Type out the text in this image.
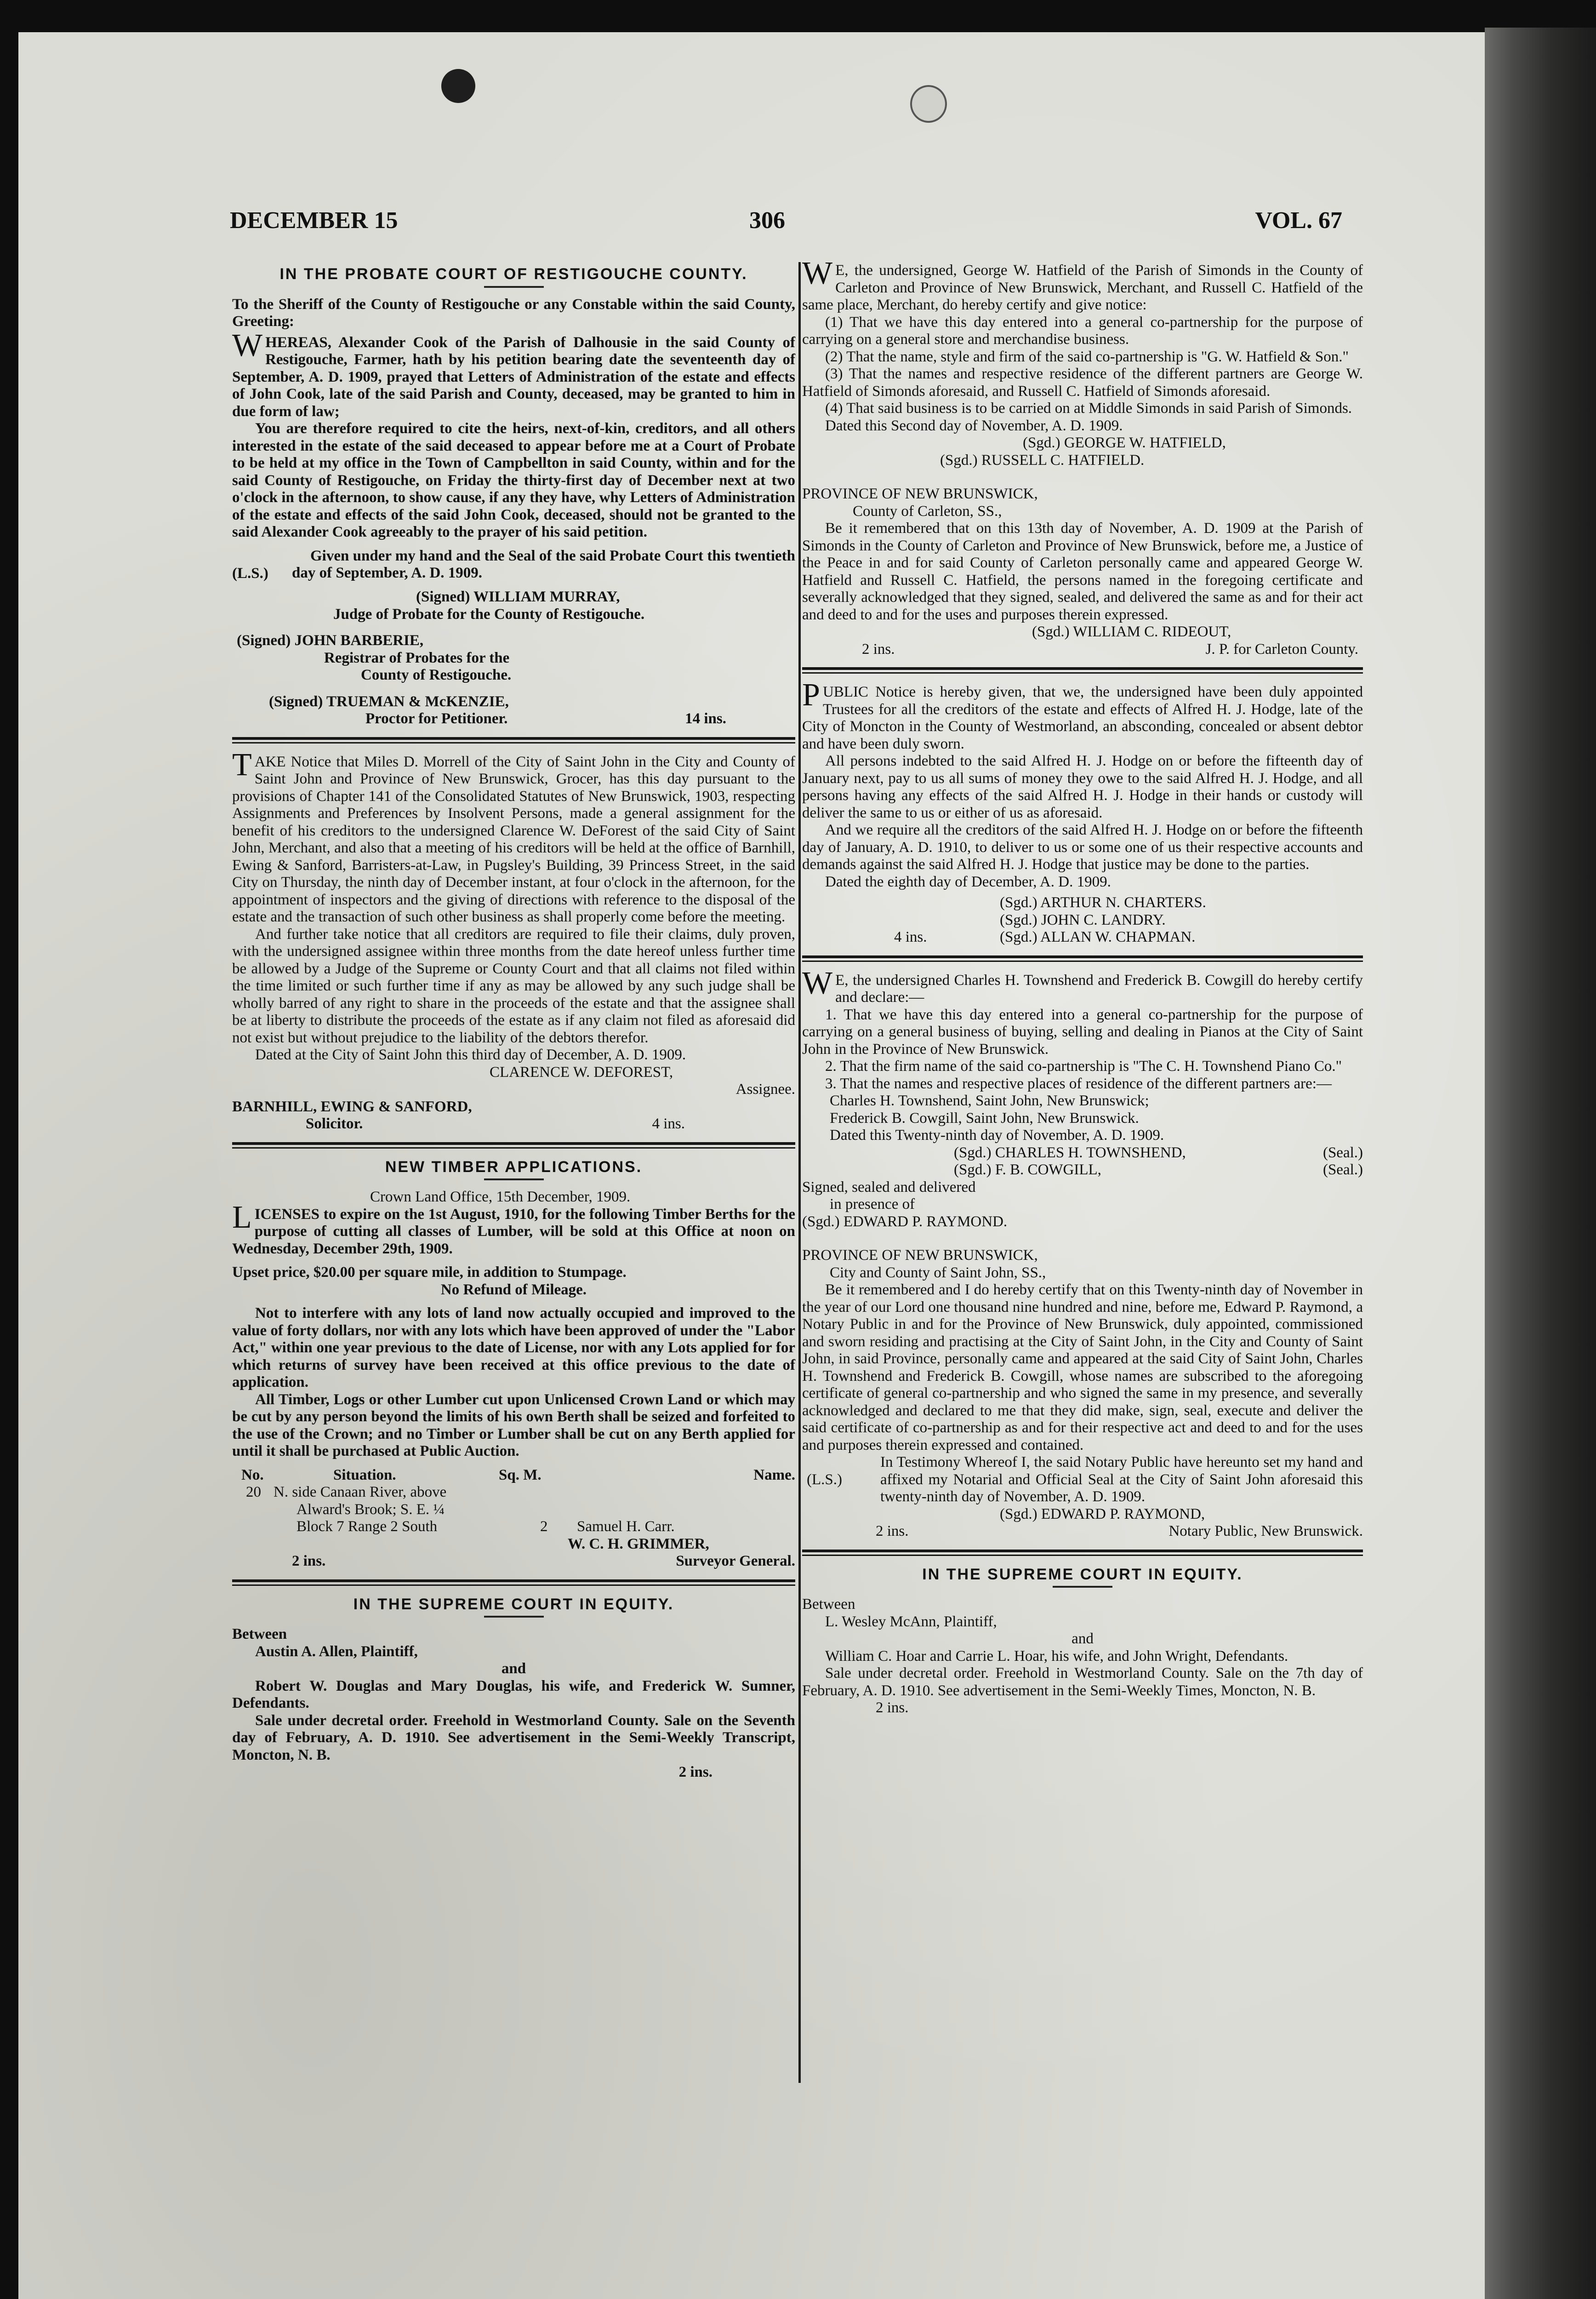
DECEMBER 15	306	VOL. 67
IN THE PROBATE COURT OF RESTIGOUCHE COUNTY.

To the Sheriff of the County of Restigouche or any Constable within the said County, Greeting:

WHEREAS, Alexander Cook of the Parish of Dalhousie in the said County of Restigouche, Farmer, hath by his petition bearing date the seventeenth day of September, A. D. 1909, prayed that Letters of Administration of the estate and effects of John Cook, late of the said Parish and County, deceased, may be granted to him in due form of law;

You are therefore required to cite the heirs, next-of-kin, creditors, and all others interested in the estate of the said deceased to appear before me at a Court of Probate to be held at my office in the Town of Campbellton in said County, within and for the said County of Restigouche, on Friday the thirty-first day of December next at two o'clock in the afternoon, to show cause, if any they have, why Letters of Administration of the estate and effects of the said John Cook, deceased, should not be granted to the said Alexander Cook agreeably to the prayer of his said petition.

(L.S.)

Given under my hand and the Seal of the said Probate Court this twentieth day of September, A. D. 1909.

(Signed) WILLIAM MURRAY,

Judge of Probate for the County of Restigouche.

(Signed) JOHN BARBERIE,

Registrar of Probates for the

County of Restigouche.

(Signed) TRUEMAN & McKENZIE,

Proctor for Petitioner.	14 ins.

TAKE Notice that Miles D. Morrell of the City of Saint John in the City and County of Saint John and Province of New Brunswick, Grocer, has this day pursuant to the provisions of Chapter 141 of the Consolidated Statutes of New Brunswick, 1903, respecting Assignments and Preferences by Insolvent Persons, made a general assignment for the benefit of his creditors to the undersigned Clarence W. DeForest of the said City of Saint John, Merchant, and also that a meeting of his creditors will be held at the office of Barnhill, Ewing & Sanford, Barristers-at-Law, in Pugsley's Building, 39 Princess Street, in the said City on Thursday, the ninth day of December instant, at four o'clock in the afternoon, for the appointment of inspectors and the giving of directions with reference to the disposal of the estate and the transaction of such other business as shall properly come before the meeting.

And further take notice that all creditors are required to file their claims, duly proven, with the undersigned assignee within three months from the date hereof unless further time be allowed by a Judge of the Supreme or County Court and that all claims not filed within the time limited or such further time if any as may be allowed by any such judge shall be wholly barred of any right to share in the proceeds of the estate and that the assignee shall be at liberty to distribute the proceeds of the estate as if any claim not filed as aforesaid did not exist but without prejudice to the liability of the debtors therefor.

Dated at the City of Saint John this third day of December, A. D. 1909.

CLARENCE W. DEFOREST,

Assignee.

BARNHILL, EWING & SANFORD,

Solicitor.	4 ins.
NEW TIMBER APPLICATIONS.

Crown Land Office, 15th December, 1909.

LICENSES to expire on the 1st August, 1910, for the following Timber Berths for the purpose of cutting all classes of Lumber, will be sold at this Office at noon on Wednesday, December 29th, 1909.

Upset price, $20.00 per square mile, in addition to Stumpage.

No Refund of Mileage.

Not to interfere with any lots of land now actually occupied and improved to the value of forty dollars, nor with any lots which have been approved of under the "Labor Act," within one year previous to the date of License, nor with any Lots applied for for which returns of survey have been received at this office previous to the date of application.

All Timber, Logs or other Lumber cut upon Unlicensed Crown Land or which may be cut by any person beyond the limits of his own Berth shall be seized and forfeited to the use of the Crown; and no Timber or Lumber shall be cut on any Berth applied for until it shall be purchased at Public Auction.

No.	Situation.	Sq. M.	Name.
20 N. side Canaan River, above
Alward's Brook; S. E. ¼
Block 7 Range 2 South	2	Samuel H. Carr.

W. C. H. GRIMMER,

2 ins.	Surveyor General.
IN THE SUPREME COURT IN EQUITY.

Between

Austin A. Allen, Plaintiff,

and

Robert W. Douglas and Mary Douglas, his wife, and Frederick W. Sumner, Defendants.

Sale under decretal order. Freehold in Westmorland County. Sale on the Seventh day of February, A. D. 1910. See advertisement in the Semi-Weekly Transcript, Moncton, N. B.

2 ins.

WE, the undersigned, George W. Hatfield of the Parish of Simonds in the County of Carleton and Province of New Brunswick, Merchant, and Russell C. Hatfield of the same place, Merchant, do hereby certify and give notice:

(1) That we have this day entered into a general co-partnership for the purpose of carrying on a general store and merchandise business.

(2) That the name, style and firm of the said co-partnership is "G. W. Hatfield & Son."

(3) That the names and respective residence of the different partners are George W. Hatfield of Simonds aforesaid, and Russell C. Hatfield of Simonds aforesaid.

(4) That said business is to be carried on at Middle Simonds in said Parish of Simonds.

Dated this Second day of November, A. D. 1909.

(Sgd.) GEORGE W. HATFIELD,

(Sgd.) RUSSELL C. HATFIELD.

PROVINCE OF NEW BRUNSWICK,

County of Carleton, SS.,

Be it remembered that on this 13th day of November, A. D. 1909 at the Parish of Simonds in the County of Carleton and Province of New Brunswick, before me, a Justice of the Peace in and for said County of Carleton personally came and appeared George W. Hatfield and Russell C. Hatfield, the persons named in the foregoing certificate and severally acknowledged that they signed, sealed, and delivered the same as and for their act and deed to and for the uses and purposes therein expressed.

(Sgd.) WILLIAM C. RIDEOUT,

2 ins.	J. P. for Carleton County.

PUBLIC Notice is hereby given, that we, the undersigned have been duly appointed Trustees for all the creditors of the estate and effects of Alfred H. J. Hodge, late of the City of Moncton in the County of Westmorland, an absconding, concealed or absent debtor and have been duly sworn.

All persons indebted to the said Alfred H. J. Hodge on or before the fifteenth day of January next, pay to us all sums of money they owe to the said Alfred H. J. Hodge, and all persons having any effects of the said Alfred H. J. Hodge in their hands or custody will deliver the same to us or either of us as aforesaid.

And we require all the creditors of the said Alfred H. J. Hodge on or before the fifteenth day of January, A. D. 1910, to deliver to us or some one of us their respective accounts and demands against the said Alfred H. J. Hodge that justice may be done to the parties.

Dated the eighth day of December, A. D. 1909.

(Sgd.) ARTHUR N. CHARTERS.

(Sgd.) JOHN C. LANDRY.

4 ins.	(Sgd.) ALLAN W. CHAPMAN.

WE, the undersigned Charles H. Townshend and Frederick B. Cowgill do hereby certify and declare:—

1. That we have this day entered into a general co-partnership for the purpose of carrying on a general business of buying, selling and dealing in Pianos at the City of Saint John in the Province of New Brunswick.

2. That the firm name of the said co-partnership is "The C. H. Townshend Piano Co."

3. That the names and respective places of residence of the different partners are:—

Charles H. Townshend, Saint John, New Brunswick;

Frederick B. Cowgill, Saint John, New Brunswick.

Dated this Twenty-ninth day of November, A. D. 1909.

(Sgd.) CHARLES H. TOWNSHEND,	(Seal.)
(Sgd.) F. B. COWGILL,	(Seal.)

Signed, sealed and delivered

in presence of

(Sgd.) EDWARD P. RAYMOND.

PROVINCE OF NEW BRUNSWICK,

City and County of Saint John, SS.,

Be it remembered and I do hereby certify that on this Twenty-ninth day of November in the year of our Lord one thousand nine hundred and nine, before me, Edward P. Raymond, a Notary Public in and for the Province of New Brunswick, duly appointed, commissioned and sworn residing and practising at the City of Saint John, in the City and County of Saint John, in said Province, personally came and appeared at the said City of Saint John, Charles H. Townshend and Frederick B. Cowgill, whose names are subscribed to the aforegoing certificate of general co-partnership and who signed the same in my presence, and severally acknowledged and declared to me that they did make, sign, seal, execute and deliver the said certificate of co-partnership as and for their respective act and deed to and for the uses and purposes therein expressed and contained.

(L.S.)

In Testimony Whereof I, the said Notary Public have hereunto set my hand and affixed my Notarial and Official Seal at the City of Saint John aforesaid this twenty-ninth day of November, A. D. 1909.

(Sgd.) EDWARD P. RAYMOND,

2 ins.	Notary Public, New Brunswick.
IN THE SUPREME COURT IN EQUITY.

Between

L. Wesley McAnn, Plaintiff,

and

William C. Hoar and Carrie L. Hoar, his wife, and John Wright, Defendants.

Sale under decretal order. Freehold in Westmorland County. Sale on the 7th day of February, A. D. 1910. See advertisement in the Semi-Weekly Times, Moncton, N. B.

2 ins.
